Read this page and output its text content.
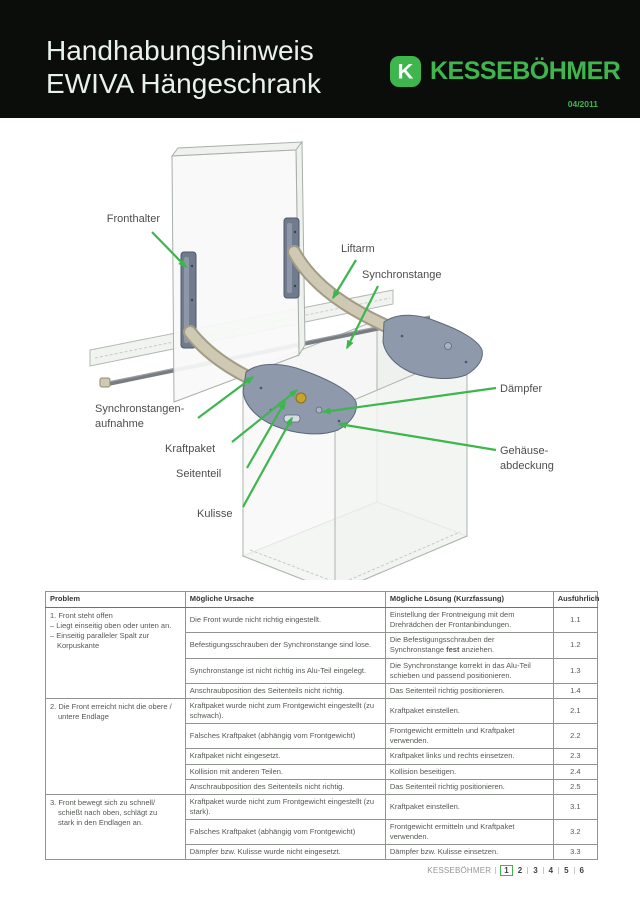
Handhabungshinweis
EWIVA Hängeschrank	K KESSEBÖHMER
04/2011
Fronthalter
Liftarm
Synchronstange
Synchronstangen-
aufnahme
Kraftpaket
Seitenteil
Kulisse
Dämpfer
Gehäuse-
abdeckung
Problem	Mögliche Ursache	Mögliche Lösung (Kurzfassung)	Ausführlich

1. Front steht offen
– Liegt einseitig oben oder unten an.
– Einseitig paralleler Spalt zur Korpuskante	Die Front wurde nicht richtig eingestellt.	Einstellung der Frontneigung mit dem Drehrädchen der Frontanbindungen.	1.1
	Befestigungsschrauben der Synchronstange sind lose.	Die Befestigungsschrauben der Synchronstange fest anziehen.	1.2
	Synchronstange ist nicht richtig ins Alu-Teil eingelegt.	Die Synchronstange korrekt in das Alu-Teil schieben und passend positionieren.	1.3
	Anschraubposition des Seitenteils nicht richtig.	Das Seitenteil richtig positionieren.	1.4

2. Die Front erreicht nicht die obere /
untere Endlage	Kraftpaket wurde nicht zum Frontgewicht eingestellt (zu schwach).	Kraftpaket einstellen.	2.1
	Falsches Kraftpaket (abhängig vom Frontgewicht)	Frontgewicht ermitteln und Kraftpaket verwenden.	2.2
	Kraftpaket nicht eingesetzt.	Kraftpaket links und rechts einsetzen.	2.3
	Kollision mit anderen Teilen.	Kollision beseitigen.	2.4
	Anschraubposition des Seitenteils nicht richtig.	Das Seitenteil richtig positionieren.	2.5

3. Front bewegt sich zu schnell/
schießt nach oben, schlägt zu
stark in den Endlagen an.	Kraftpaket wurde nicht zum Frontgewicht eingestellt (zu stark).	Kraftpaket einstellen.	3.1
	Falsches Kraftpaket (abhängig vom Frontgewicht)	Frontgewicht ermitteln und Kraftpaket verwenden.	3.2
	Dämpfer bzw. Kulisse wurde nicht eingesetzt.	Dämpfer bzw. Kulisse einsetzen.	3.3
KESSEBÖHMER	1	2 3 4 5 6
